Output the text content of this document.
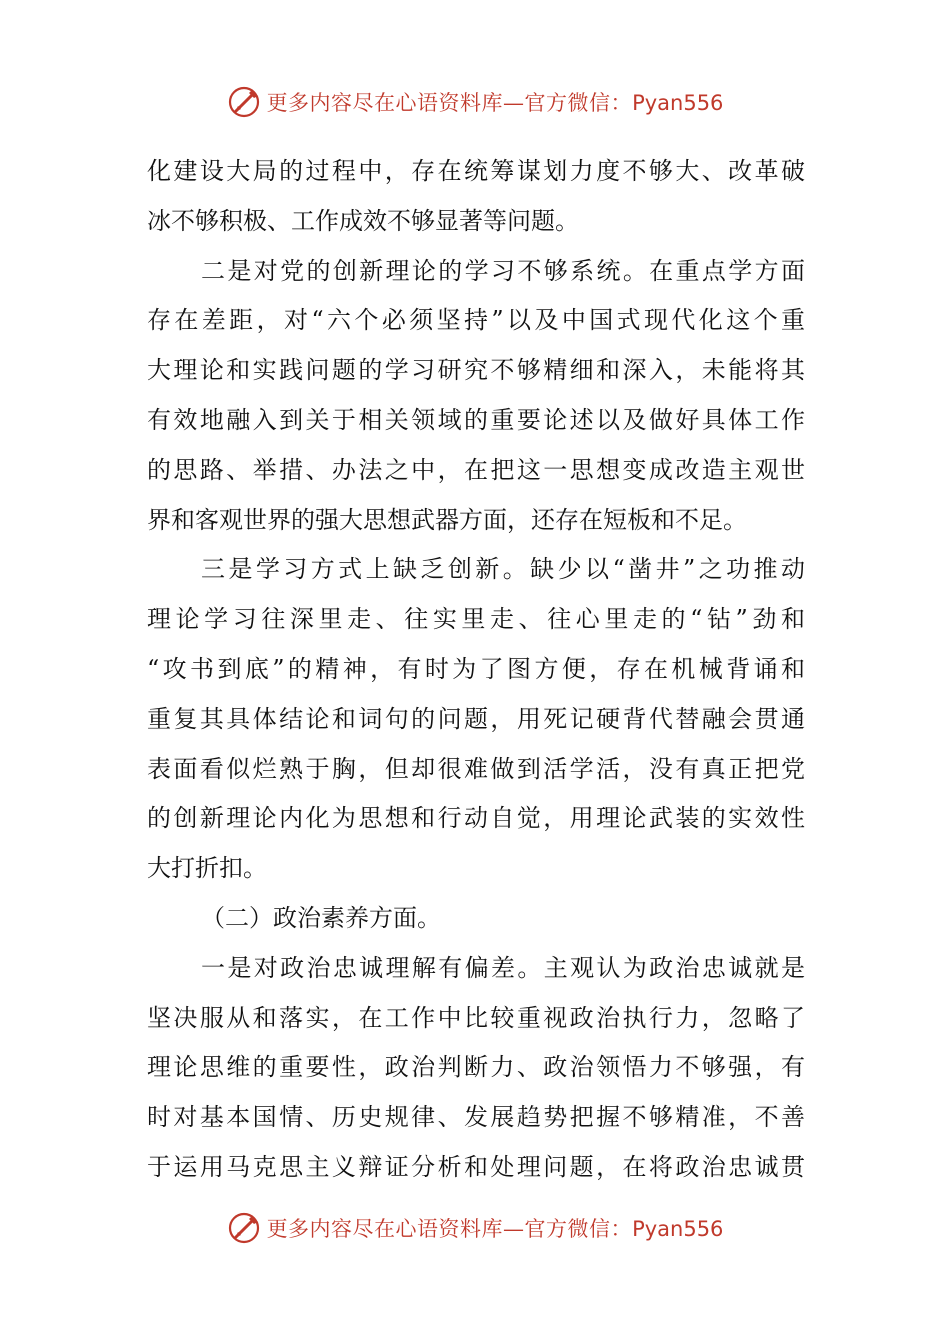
更多内容尽在心语资料库—官方微信：Pyan556
化建设大局的过程中，存在统筹谋划力度不够大、改革破
冰不够积极、工作成效不够显著等问题。
二是对党的创新理论的学习不够系统。在重点学方面
存在差距，对“六个必须坚持”以及中国式现代化这个重
大理论和实践问题的学习研究不够精细和深入，未能将其
有效地融入到关于相关领域的重要论述以及做好具体工作
的思路、举措、办法之中，在把这一思想变成改造主观世
界和客观世界的强大思想武器方面，还存在短板和不足。
三是学习方式上缺乏创新。缺少以“凿井”之功推动
理论学习往深里走、往实里走、往心里走的“钻”劲和
“攻书到底”的精神，有时为了图方便，存在机械背诵和
重复其具体结论和词句的问题，用死记硬背代替融会贯通
表面看似烂熟于胸，但却很难做到活学活，没有真正把党
的创新理论内化为思想和行动自觉，用理论武装的实效性
大打折扣。
（二）政治素养方面。
一是对政治忠诚理解有偏差。主观认为政治忠诚就是
坚决服从和落实，在工作中比较重视政治执行力，忽略了
理论思维的重要性，政治判断力、政治领悟力不够强，有
时对基本国情、历史规律、发展趋势把握不够精准，不善
于运用马克思主义辩证分析和处理问题，在将政治忠诚贯
更多内容尽在心语资料库—官方微信：Pyan556
